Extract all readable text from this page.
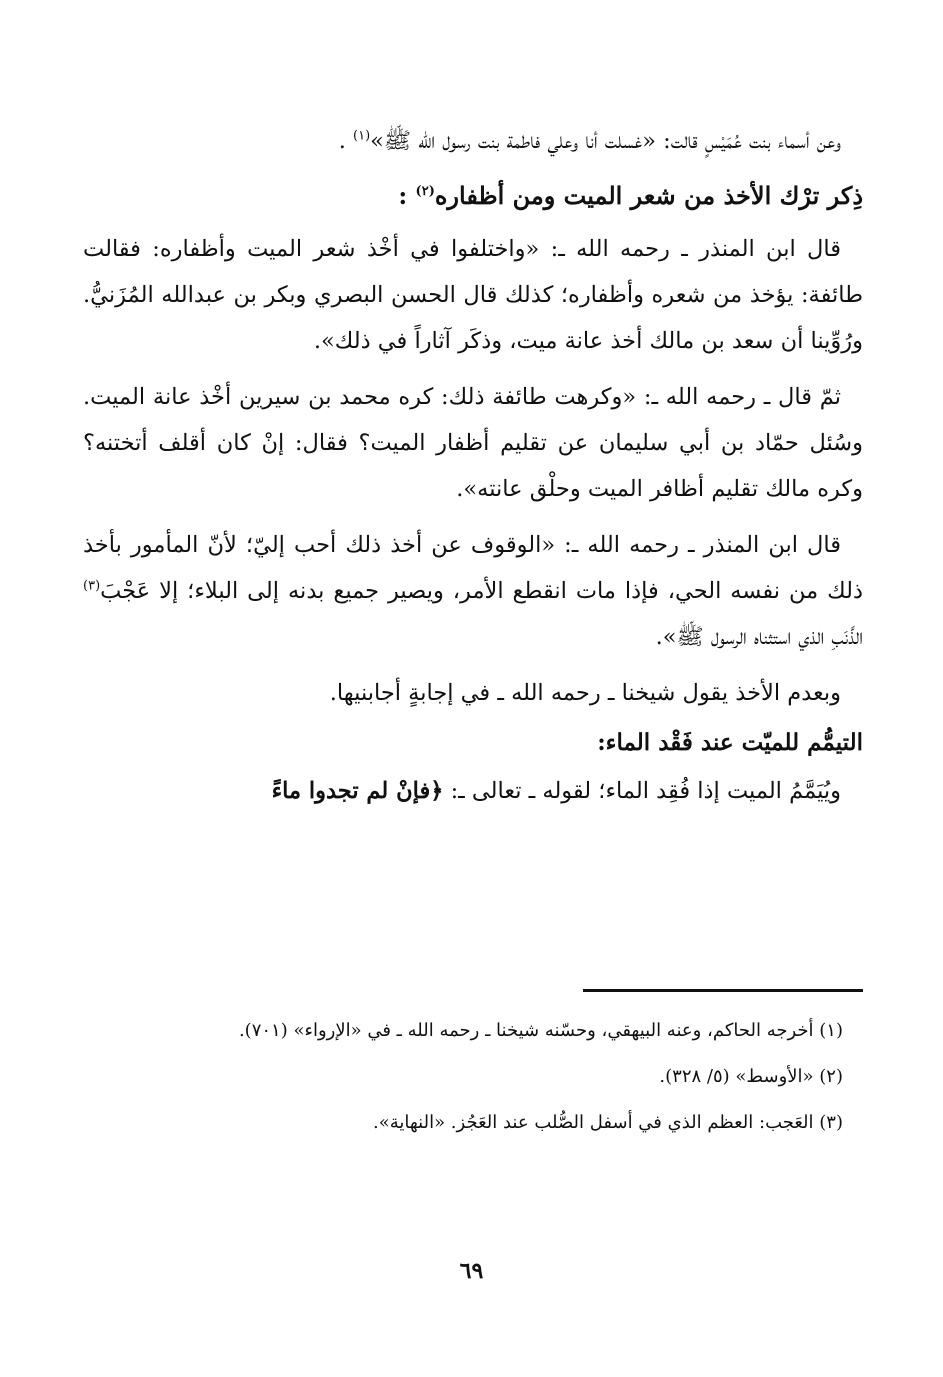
وعن أسماء بنت عُمَيْسٍ قالت: «غسلت أنا وعلي فاطمة بنت رسول الله ﷺ»$^{(١)}$ .

ذِكر ترْك الأخذ من شعر الميت ومن أظفاره$^{(٢)}$ :

قال ابن المنذر ـ رحمه الله ـ: «واختلفوا في أخْذ شعر الميت وأظفاره: فقالت طائفة: يؤخذ من شعره وأظفاره؛ كذلك قال الحسن البصري وبكر بن عبدالله المُزَنيُّ. ورُوِّينا أن سعد بن مالك أخذ عانة ميت، وذكَر آثاراً في ذلك».

ثمّ قال ـ رحمه الله ـ: «وكرهت طائفة ذلك: كره محمد بن سيرين أخْذ عانة الميت. وسُئل حمّاد بن أبي سليمان عن تقليم أظفار الميت؟ فقال: إنْ كان أقلف أتختنه؟ وكره مالك تقليم أظافر الميت وحلْق عانته».

قال ابن المنذر ـ رحمه الله ـ: «الوقوف عن أخذ ذلك أحب إليّ؛ لأنّ المأمور بأخذ ذلك من نفسه الحي، فإذا مات انقطع الأمر، ويصير جميع بدنه إلى البلاء؛ إلا عَجْبَ$^{(٣)}$ الذَّنَبِ الذي استثناه الرسول ﷺ».

وبعدم الأخذ يقول شيخنا ـ رحمه الله ـ في إجابةٍ أجابنيها.

التيمُّم للميّت عند فَقْد الماء:

ويُيَمَّمُ الميت إذا فُقِد الماء؛ لقوله ـ تعالى ـ: ﴿فإنْ لم تجدوا ماءً

(١) أخرجه الحاكم، وعنه البيهقي، وحسّنه شيخنا ـ رحمه الله ـ في «الإرواء» (٧٠١).

(٢) «الأوسط» (٥/ ٣٢٨).

(٣) العَجب: العظم الذي في أسفل الصُّلب عند العَجُز. «النهاية».

٦٩
